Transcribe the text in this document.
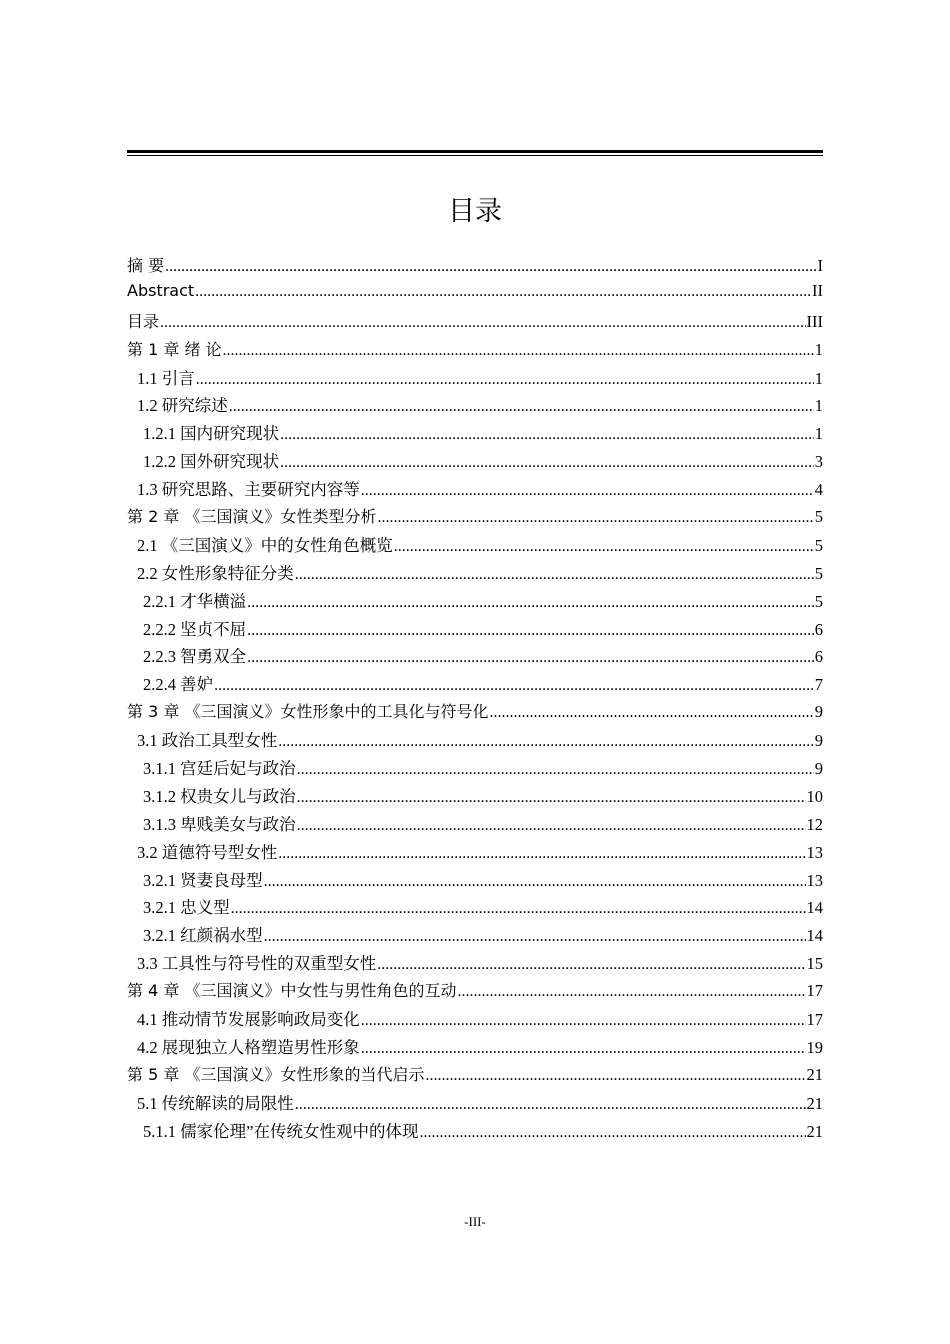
目录
摘 要 .....	I
Abstract .....	II
目录 .....	III
第 1 章 绪 论 .....	1
1.1 引言 .....	1
1.2 研究综述 .....	1
1.2.1 国内研究现状 .....	1
1.2.2 国外研究现状 .....	3
1.3 研究思路、主要研究内容等 .....	4
第 2 章 《三国演义》女性类型分析 .....	5
2.1 《三国演义》中的女性角色概览 .....	5
2.2 女性形象特征分类 .....	5
2.2.1 才华横溢 .....	5
2.2.2 坚贞不屈 .....	6
2.2.3 智勇双全 .....	6
2.2.4 善妒 .....	7
第 3 章 《三国演义》女性形象中的工具化与符号化 .....	9
3.1 政治工具型女性 .....	9
3.1.1 宫廷后妃与政治 .....	9
3.1.2 权贵女儿与政治 .....	10
3.1.3 卑贱美女与政治 .....	12
3.2 道德符号型女性 .....	13
3.2.1 贤妻良母型 .....	13
3.2.1 忠义型 .....	14
3.2.1 红颜祸水型 .....	14
3.3 工具性与符号性的双重型女性 .....	15
第 4 章 《三国演义》中女性与男性角色的互动 .....	17
4.1 推动情节发展影响政局变化 .....	17
4.2 展现独立人格塑造男性形象 .....	19
第 5 章 《三国演义》女性形象的当代启示 .....	21
5.1 传统解读的局限性 .....	21
5.1.1 儒家伦理”在传统女性观中的体现 .....	21
-III-
